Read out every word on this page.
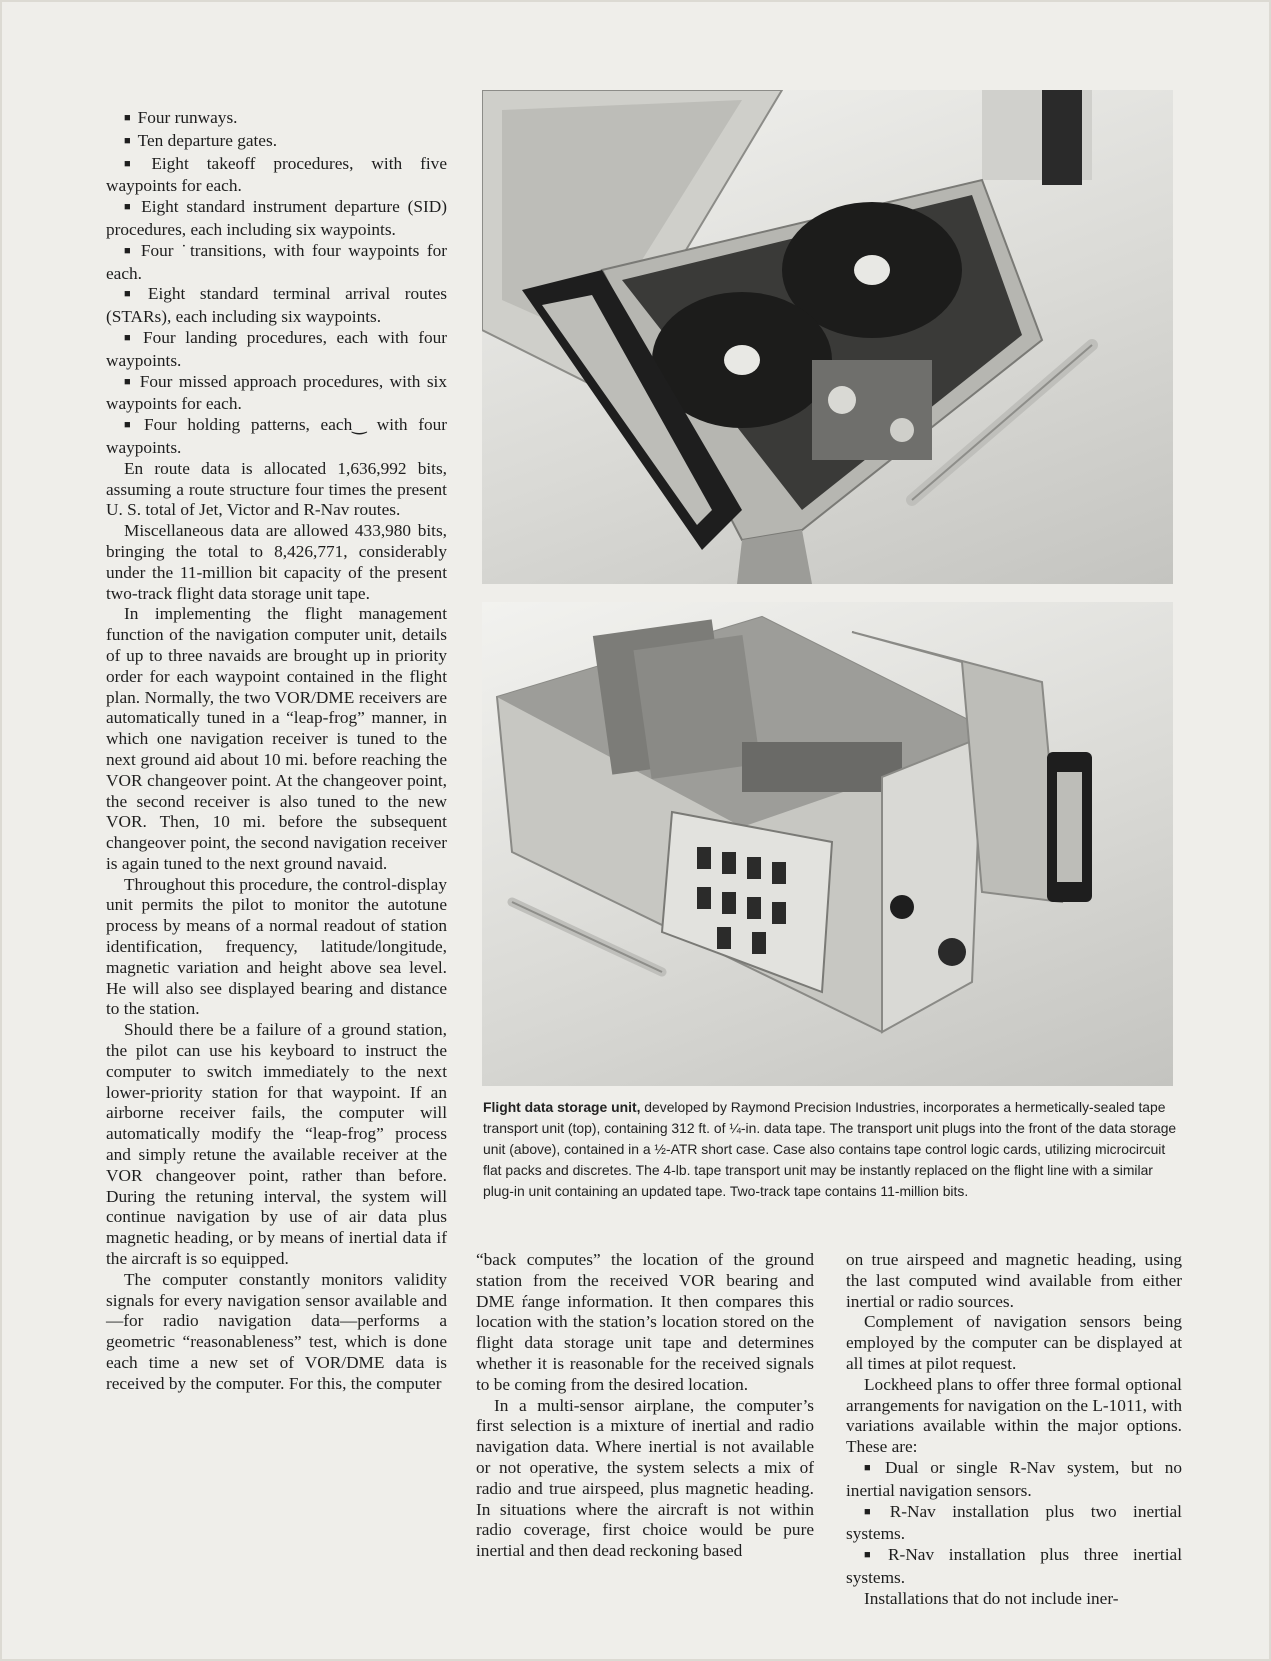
■ Four runways.

■ Ten departure gates.

■ Eight takeoff procedures, with five waypoints for each.

■ Eight standard instrument departure (SID) procedures, each including six waypoints.

■ Four ˙transitions, with four waypoints for each.

■ Eight standard terminal arrival routes (STARs), each including six waypoints.

■ Four landing procedures, each with four waypoints.

■ Four missed approach procedures, with six waypoints for each.

■ Four holding patterns, each‿ with four waypoints.

En route data is allocated 1,636,992 bits, assuming a route structure four times the present U. S. total of Jet, Victor and R-Nav routes.

Miscellaneous data are allowed 433,980 bits, bringing the total to 8,426,771, considerably under the 11-million bit capacity of the present two-track flight data storage unit tape.

In implementing the flight management function of the navigation computer unit, details of up to three navaids are brought up in priority order for each waypoint contained in the flight plan. Normally, the two VOR/DME receivers are automatically tuned in a “leap-frog” manner, in which one navigation receiver is tuned to the next ground aid about 10 mi. before reaching the VOR changeover point. At the changeover point, the second receiver is also tuned to the new VOR. Then, 10 mi. before the subsequent changeover point, the second navigation receiver is again tuned to the next ground navaid.

Throughout this procedure, the control-display unit permits the pilot to monitor the autotune process by means of a normal readout of station identification, frequency, latitude/longitude, magnetic variation and height above sea level. He will also see displayed bearing and distance to the station.

Should there be a failure of a ground station, the pilot can use his keyboard to instruct the computer to switch immediately to the next lower-priority station for that waypoint. If an airborne receiver fails, the computer will automatically modify the “leap-frog” process and simply retune the available receiver at the VOR changeover point, rather than before. During the retuning interval, the system will continue navigation by use of air data plus magnetic heading, or by means of inertial data if the aircraft is so equipped.

The computer constantly monitors validity signals for every navigation sensor available and—for radio navigation data—performs a geometric “reasonableness” test, which is done each time a new set of VOR/DME data is received by the computer. For this, the computer

Flight data storage unit, developed by Raymond Precision Industries, incorporates a hermetically-sealed tape transport unit (top), containing 312 ft. of ¼-in. data tape. The transport unit plugs into the front of the data storage unit (above), contained in a ½-ATR short case. Case also contains tape control logic cards, utilizing microcircuit flat packs and discretes. The 4-lb. tape transport unit may be instantly replaced on the flight line with a similar plug-in unit containing an updated tape. Two-track tape contains 11-million bits.

“back computes” the location of the ground station from the received VOR bearing and DME ŕange information. It then compares this location with the station’s location stored on the flight data storage unit tape and determines whether it is reasonable for the received signals to be coming from the desired location.

In a multi-sensor airplane, the computer’s first selection is a mixture of inertial and radio navigation data. Where inertial is not available or not operative, the system selects a mix of radio and true airspeed, plus magnetic heading. In situations where the aircraft is not within radio coverage, first choice would be pure inertial and then dead reckoning based

on true airspeed and magnetic heading, using the last computed wind available from either inertial or radio sources.

Complement of navigation sensors being employed by the computer can be displayed at all times at pilot request.

Lockheed plans to offer three formal optional arrangements for navigation on the L-1011, with variations available within the major options. These are:

■ Dual or single R-Nav system, but no inertial navigation sensors.

■ R-Nav installation plus two inertial systems.

■ R-Nav installation plus three inertial systems.

Installations that do not include iner-
